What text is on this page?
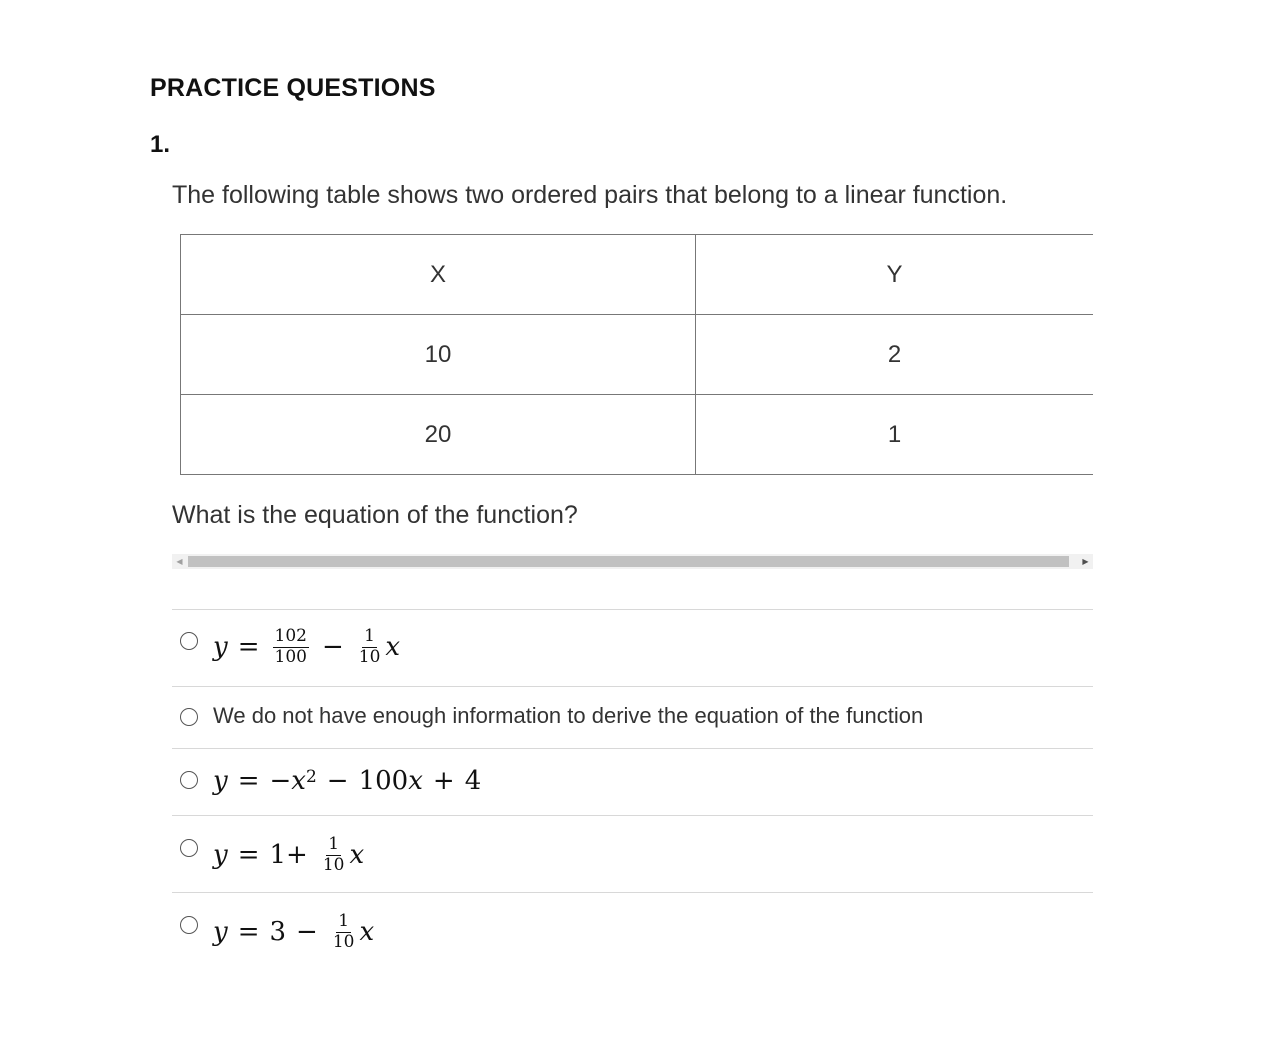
PRACTICE QUESTIONS
1.
The following table shows two ordered pairs that belong to a linear function.
X	Y
10	2
20	1
What is the equation of the function?
◀	▶
$y = \frac{102}{100} - \frac{1}{10}$ x
We do not have enough information to derive the equation of the function
y = − $x^2 - 100$ x + 4
$y = 1 + \frac{1}{10}$ x
$y = 3 - \frac{1}{10}$ x
